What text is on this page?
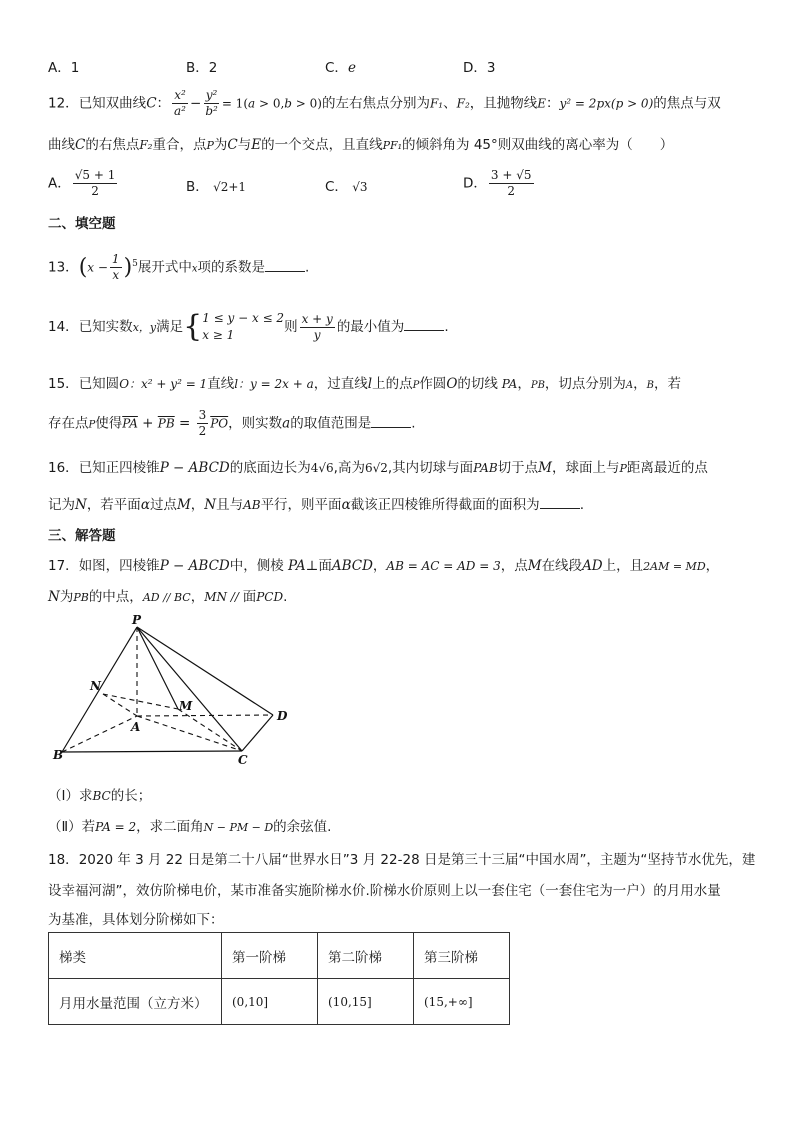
A．1	B．2	C．e	D．3
12．已知双曲线C： $\frac{\text{x²}}{\text{a²}} - \frac{\text{y²}}{\text{b²}} = 1(a > 0,b > 0)$的左右焦点分别为F₁、F₂，且抛物线E：y² = 2px(p > 0)的焦点与双
曲线C的右焦点F₂重合，点P为C与E的一个交点，且直线PF₁的倾斜角为 45°则双曲线的离心率为（　　）
A． $\frac{√5 + 1}{2}$	B． √2+1	C． √3	D． $\frac{3 + √5}{2}$
二、填空题
13．$(x - \frac{1}{x} )^5$展开式中x项的系数是	.
14．已知实数x，y满足{ 1 ≤ y − x ≤ 2
x ≥ 1	则 $\frac{x + y}{y}$ 的最小值为	.
15．已知圆O：x² + y² = 1直线l：y = 2x + a，过直线l上的点P作圆O的切线 PA，PB，切点分别为A，B，若
存在点P使得$\overline{PA} + \overline{PB} = \frac{3}{2} \overline{PO}$，则实数a的取值范围是	.
16．已知正四棱锥P − ABCD的底面边长为4√6,高为6√2,其内切球与面PAB切于点M，球面上与P距离最近的点
记为N，若平面α过点M，N且与AB平行，则平面α截该正四棱锥所得截面的面积为	.
三、解答题
17．如图，四棱锥P − ABCD中，侧棱 PA⊥面ABCD，AB = AC = AD = 3，点M在线段AD上，且2AM = MD，
N为PB的中点，AD // BC，MN // 面PCD.
P
N
M
A
D
B	C
（Ⅰ）求BC的长；
（Ⅱ）若PA = 2，求二面角N − PM − D的余弦值.
18．2020 年 3 月 22 日是第二十八届“世界水日”3 月 22-28 日是第三十三届“中国水周”，主题为“坚持节水优先，建
设幸福河湖”，效仿阶梯电价，某市准备实施阶梯水价.阶梯水价原则上以一套住宅（一套住宅为一户）的月用水量
为基准，具体划分阶梯如下：
梯类	第一阶梯	第二阶梯	第三阶梯
月用水量范围（立方米）	(0,10]	(10,15]	(15,+∞]
